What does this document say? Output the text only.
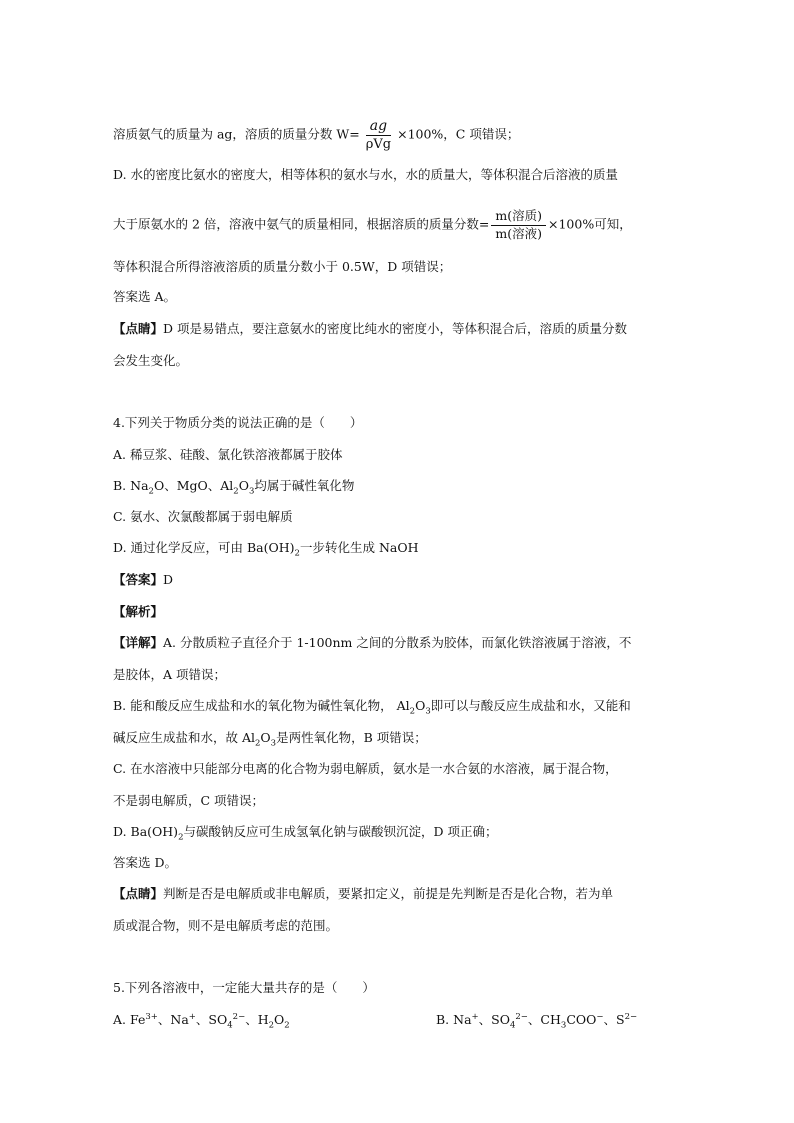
溶质氨气的质量为 ag，溶质的质量分数 $W= \frac{ag}{\text{ρVg}} \times 100\%$，C 项错误；
D. 水的密度比氨水的密度大，相等体积的氨水与水，水的质量大，等体积混合后溶液的质量
大于原氨水的 2 倍，溶液中氨气的质量相同，根据溶质的质量分数= $\frac{\text{m(溶质)}}{\text{m(溶液)}} \times 100\%$可知，
等体积混合所得溶液溶质的质量分数小于 0.5W，D 项错误；
答案选 A。
【点睛】D 项是易错点，要注意氨水的密度比纯水的密度小，等体积混合后，溶质的质量分数
会发生变化。
4.下列关于物质分类的说法正确的是（　　）
A. 稀豆浆、硅酸、氯化铁溶液都属于胶体
B. $Na_2O$、MgO、$Al_2O_3$均属于碱性氧化物
C. 氨水、次氯酸都属于弱电解质
D. 通过化学反应，可由 $Ba(OH)_2$一步转化生成 NaOH
【答案】D
【解析】
【详解】A. 分散质粒子直径介于 1-100nm 之间的分散系为胶体，而氯化铁溶液属于溶液，不
是胶体，A 项错误；
B. 能和酸反应生成盐和水的氧化物为碱性氧化物， $Al_2O_3$即可以与酸反应生成盐和水，又能和
碱反应生成盐和水，故 $Al_2O_3$是两性氧化物，B 项错误；
C. 在水溶液中只能部分电离的化合物为弱电解质，氨水是一水合氨的水溶液，属于混合物，
不是弱电解质，C 项错误；
D. $Ba(OH)_2$与碳酸钠反应可生成氢氧化钠与碳酸钡沉淀，D 项正确；
答案选 D。
【点睛】判断是否是电解质或非电解质，要紧扣定义，前提是先判断是否是化合物，若为单
质或混合物，则不是电解质考虑的范围。
5.下列各溶液中，一定能大量共存的是（　　）
A. $Fe^{3+}$、Na+、$SO_4^{2-}$、$H_2O_2$	B. Na+、$SO_4^{2-}$、$CH_3COO^-$、$S^{2-}$
